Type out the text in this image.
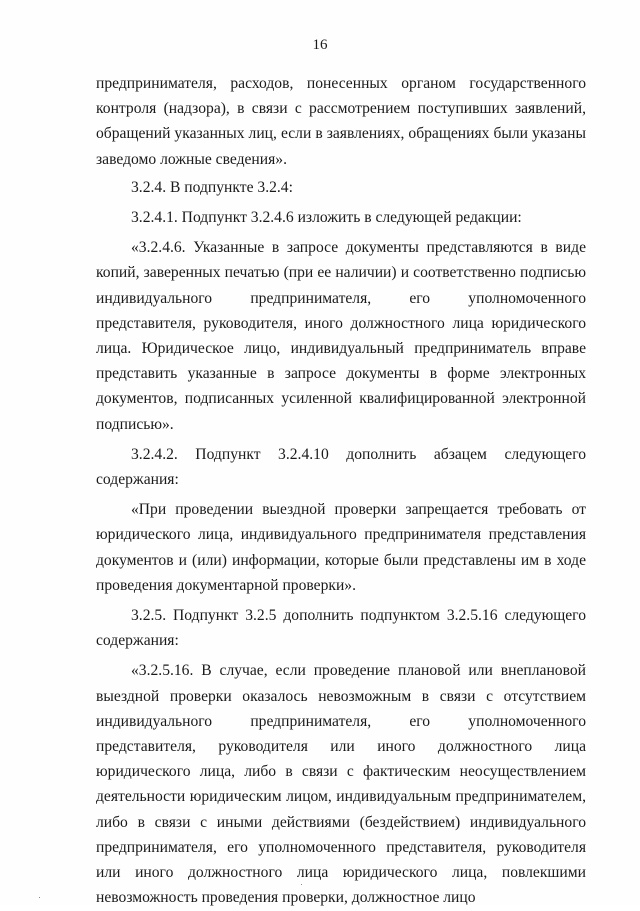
16

предпринимателя, расходов, понесенных органом государственного контроля (надзора), в связи с рассмотрением поступивших заявлений, обращений указанных лиц, если в заявлениях, обращениях были указаны заведомо ложные сведения».

3.2.4. В подпункте 3.2.4:

3.2.4.1. Подпункт 3.2.4.6 изложить в следующей редакции:

«3.2.4.6. Указанные в запросе документы представляются в виде копий, заверенных печатью (при ее наличии) и соответственно подписью индивидуального предпринимателя, его уполномоченного представителя, руководителя, иного должностного лица юридического лица. Юридическое лицо, индивидуальный предприниматель вправе представить указанные в запросе документы в форме электронных документов, подписанных усиленной квалифицированной электронной подписью».

3.2.4.2. Подпункт 3.2.4.10 дополнить абзацем следующего содержания:

«При проведении выездной проверки запрещается требовать от юридического лица, индивидуального предпринимателя представления документов и (или) информации, которые были представлены им в ходе проведения документарной проверки».

3.2.5. Подпункт 3.2.5 дополнить подпунктом 3.2.5.16 следующего содержания:

«3.2.5.16. В случае, если проведение плановой или внеплановой выездной проверки оказалось невозможным в связи с отсутствием индивидуального предпринимателя, его уполномоченного представителя, руководителя или иного должностного лица юридического лица, либо в связи с фактическим неосуществлением деятельности юридическим лицом, индивидуальным предпринимателем, либо в связи с иными действиями (бездействием) индивидуального предпринимателя, его уполномоченного представителя, руководителя или иного должностного лица юридического лица, повлекшими невозможность проведения проверки, должностное лицо
